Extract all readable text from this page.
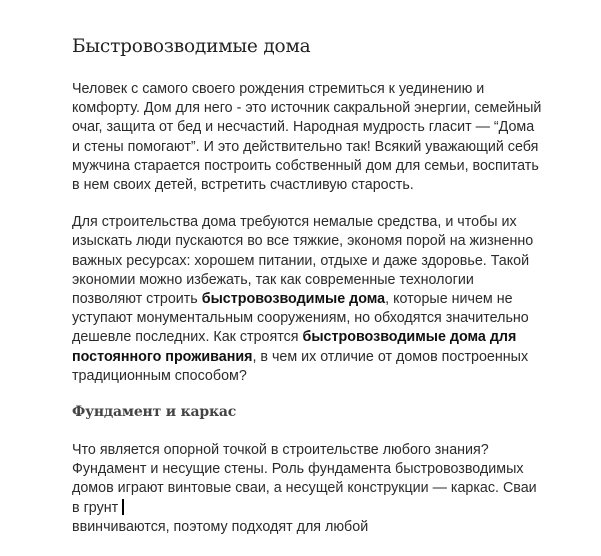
Быстровозводимые дома

Человек с самого своего рождения стремиться к уединению и комфорту. Дом для него - это источник сакральной энергии, семейный очаг, защита от бед и несчастий. Народная мудрость гласит — “Дома и стены помогают”. И это действительно так! Всякий уважающий себя мужчина старается построить собственный дом для семьи, воспитать в нем своих детей, встретить счастливую старость.

Для строительства дома требуются немалые средства, и чтобы их изыскать люди пускаются во все тяжкие, экономя порой на жизненно важных ресурсах: хорошем питании, отдыхе и даже здоровье. Такой экономии можно избежать, так как современные технологии позволяют строить быстровозводимые дома, которые ничем не уступают монументальным сооружениям, но обходятся значительно дешевле последних. Как строятся быстровозводимые дома для постоянного проживания, в чем их отличие от домов построенных традиционным способом?

Фундамент и каркас

Что является опорной точкой в строительстве любого знания? Фундамент и несущие стены. Роль фундамента быстровозводимых домов играют винтовые сваи, а несущей конструкции — каркас. Сваи в грунт
ввинчиваются, поэтому подходят для любой
